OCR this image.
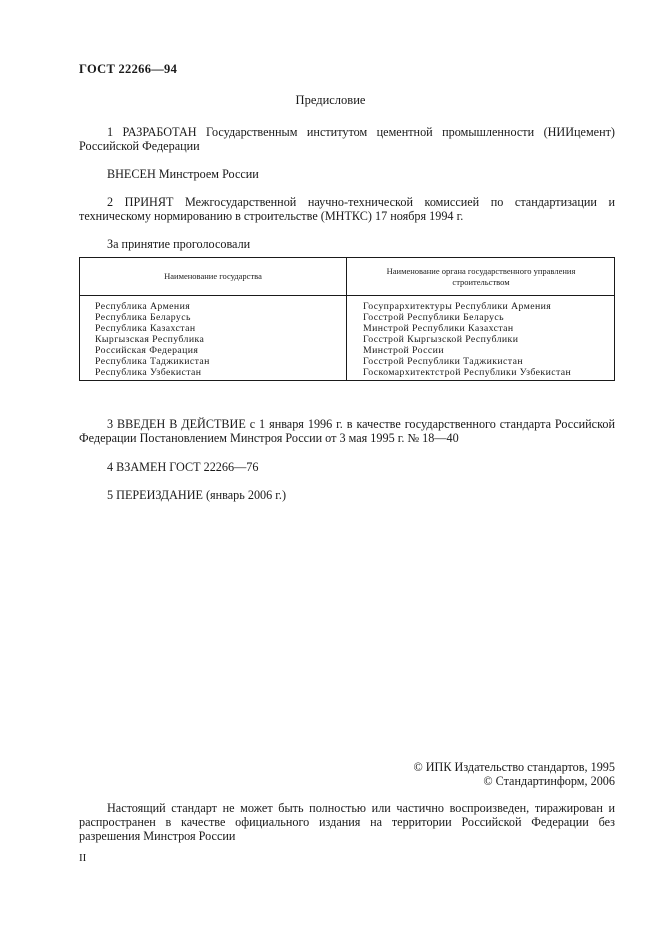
ГОСТ 22266—94
Предисловие
1 РАЗРАБОТАН Государственным институтом цементной промышленности (НИИцемент) Российской Федерации
ВНЕСЕН Минстроем России
2 ПРИНЯТ Межгосударственной научно-технической комиссией по стандартизации и техническому нормированию в строительстве (МНТКС) 17 ноября 1994 г.
За принятие проголосовали
Наименование государства
Наименование органа государственного управления строительством
Республика Армения
Республика Беларусь
Республика Казахстан
Кыргызская Республика
Российская Федерация
Республика Таджикистан
Республика Узбекистан
Госупрархитектуры Республики Армения
Госстрой Республики Беларусь
Минстрой Республики Казахстан
Госстрой Кыргызской Республики
Минстрой России
Госстрой Республики Таджикистан
Госкомархитектстрой Республики Узбекистан
3 ВВЕДЕН В ДЕЙСТВИЕ с 1 января 1996 г. в качестве государственного стандарта Российской Федерации Постановлением Минстроя России от 3 мая 1995 г. № 18—40
4 ВЗАМЕН ГОСТ 22266—76
5 ПЕРЕИЗДАНИЕ (январь 2006 г.)
© ИПК Издательство стандартов, 1995
© Стандартинформ, 2006
Настоящий стандарт не может быть полностью или частично воспроизведен, тиражирован и распространен в качестве официального издания на территории Российской Федерации без разрешения Минстроя России
II
